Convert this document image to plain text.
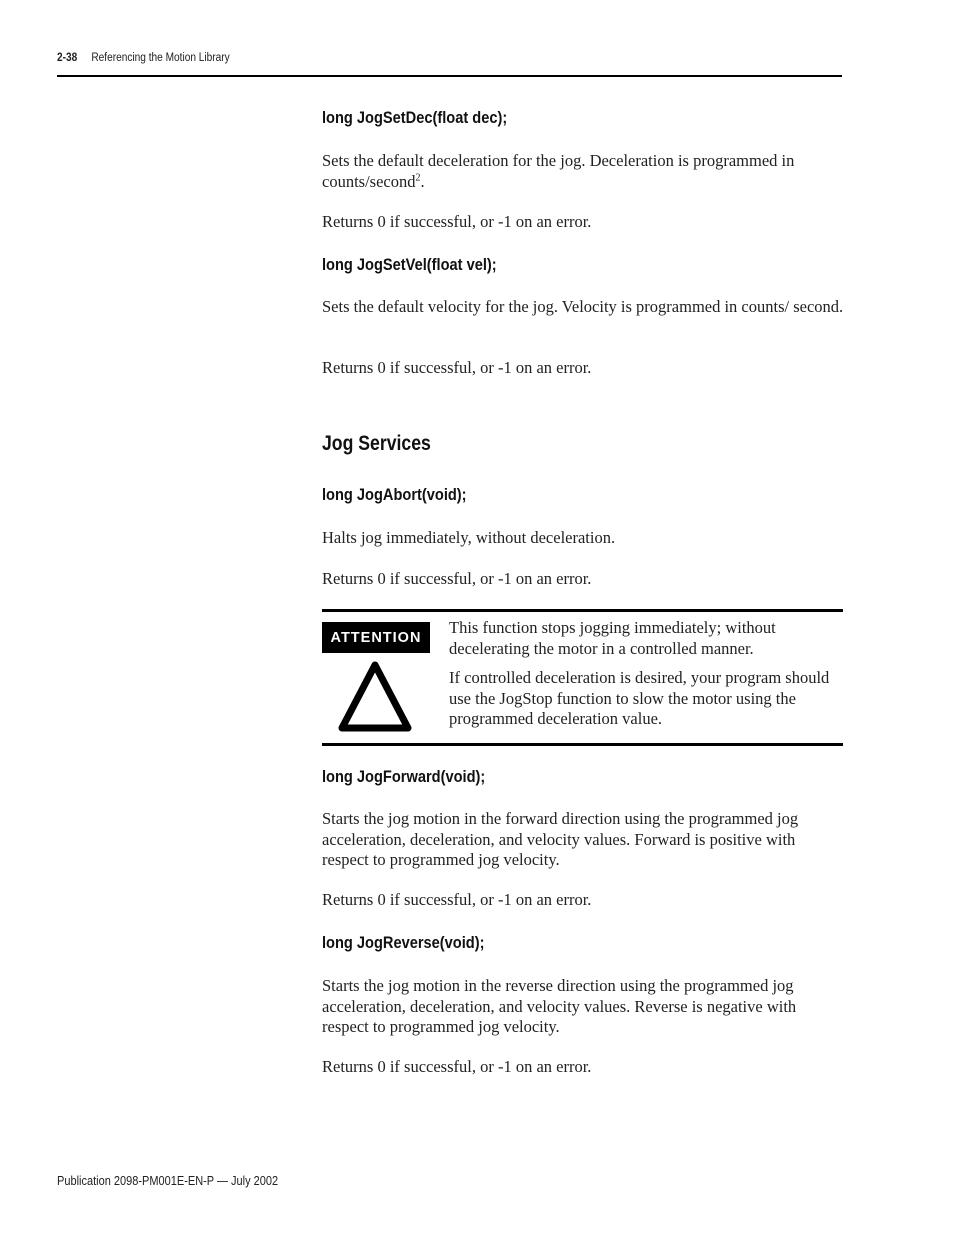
2-38 Referencing the Motion Library
long JogSetDec(float dec);
Sets the default deceleration for the jog. Deceleration is programmed in counts/second$^2$.
Returns 0 if successful, or -1 on an error.
long JogSetVel(float vel);
Sets the default velocity for the jog. Velocity is programmed in counts/ second.
Returns 0 if successful, or -1 on an error.
Jog Services
long JogAbort(void);
Halts jog immediately, without deceleration.
Returns 0 if successful, or -1 on an error.
ATTENTION
This function stops jogging immediately; without decelerating the motor in a controlled manner.
If controlled deceleration is desired, your program should use the JogStop function to slow the motor using the programmed deceleration value.
long JogForward(void);
Starts the jog motion in the forward direction using the programmed jog acceleration, deceleration, and velocity values. Forward is positive with respect to programmed jog velocity.
Returns 0 if successful, or -1 on an error.
long JogReverse(void);
Starts the jog motion in the reverse direction using the programmed jog acceleration, deceleration, and velocity values. Reverse is negative with respect to programmed jog velocity.
Returns 0 if successful, or -1 on an error.
Publication 2098-PM001E-EN-P — July 2002
